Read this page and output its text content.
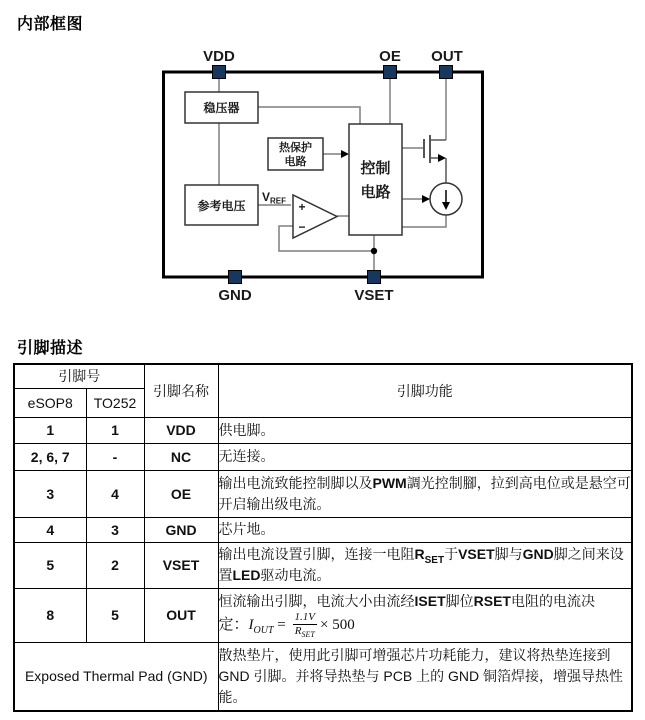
内部框图
稳压器
热保护
电路
参考电压
控制
电路
+
−
$V_{REF}$
VDD	OE OUT
GND	VSET
引脚描述
引脚号		引脚名称	引脚功能
eSOP8	TO252		
1	1	VDD	供电脚。
2, 6, 7	-	NC	无连接。
3	4	OE	输出电流致能控制脚以及PWM調光控制腳，拉到高电位或是悬空可开启输出级电流。
4	3	GND	芯片地。
5	2	VSET	输出电流设置引脚，连接一电阻$R_{SET}$于VSET脚与GND脚之间来设置LED驱动电流。
8	5	OUT	恒流输出引脚，电流大小由流经ISET脚位RSET电阻的电流决
定：$I_{OUT} = \frac{1.1V}{R_{SET}} \times 500$
Exposed Thermal Pad (GND)			散热垫片，使用此引脚可增强芯片功耗能力，建议将热垫连接到 GND 引脚。并将导热垫与 PCB 上的 GND 铜箔焊接，增强导热性能。
